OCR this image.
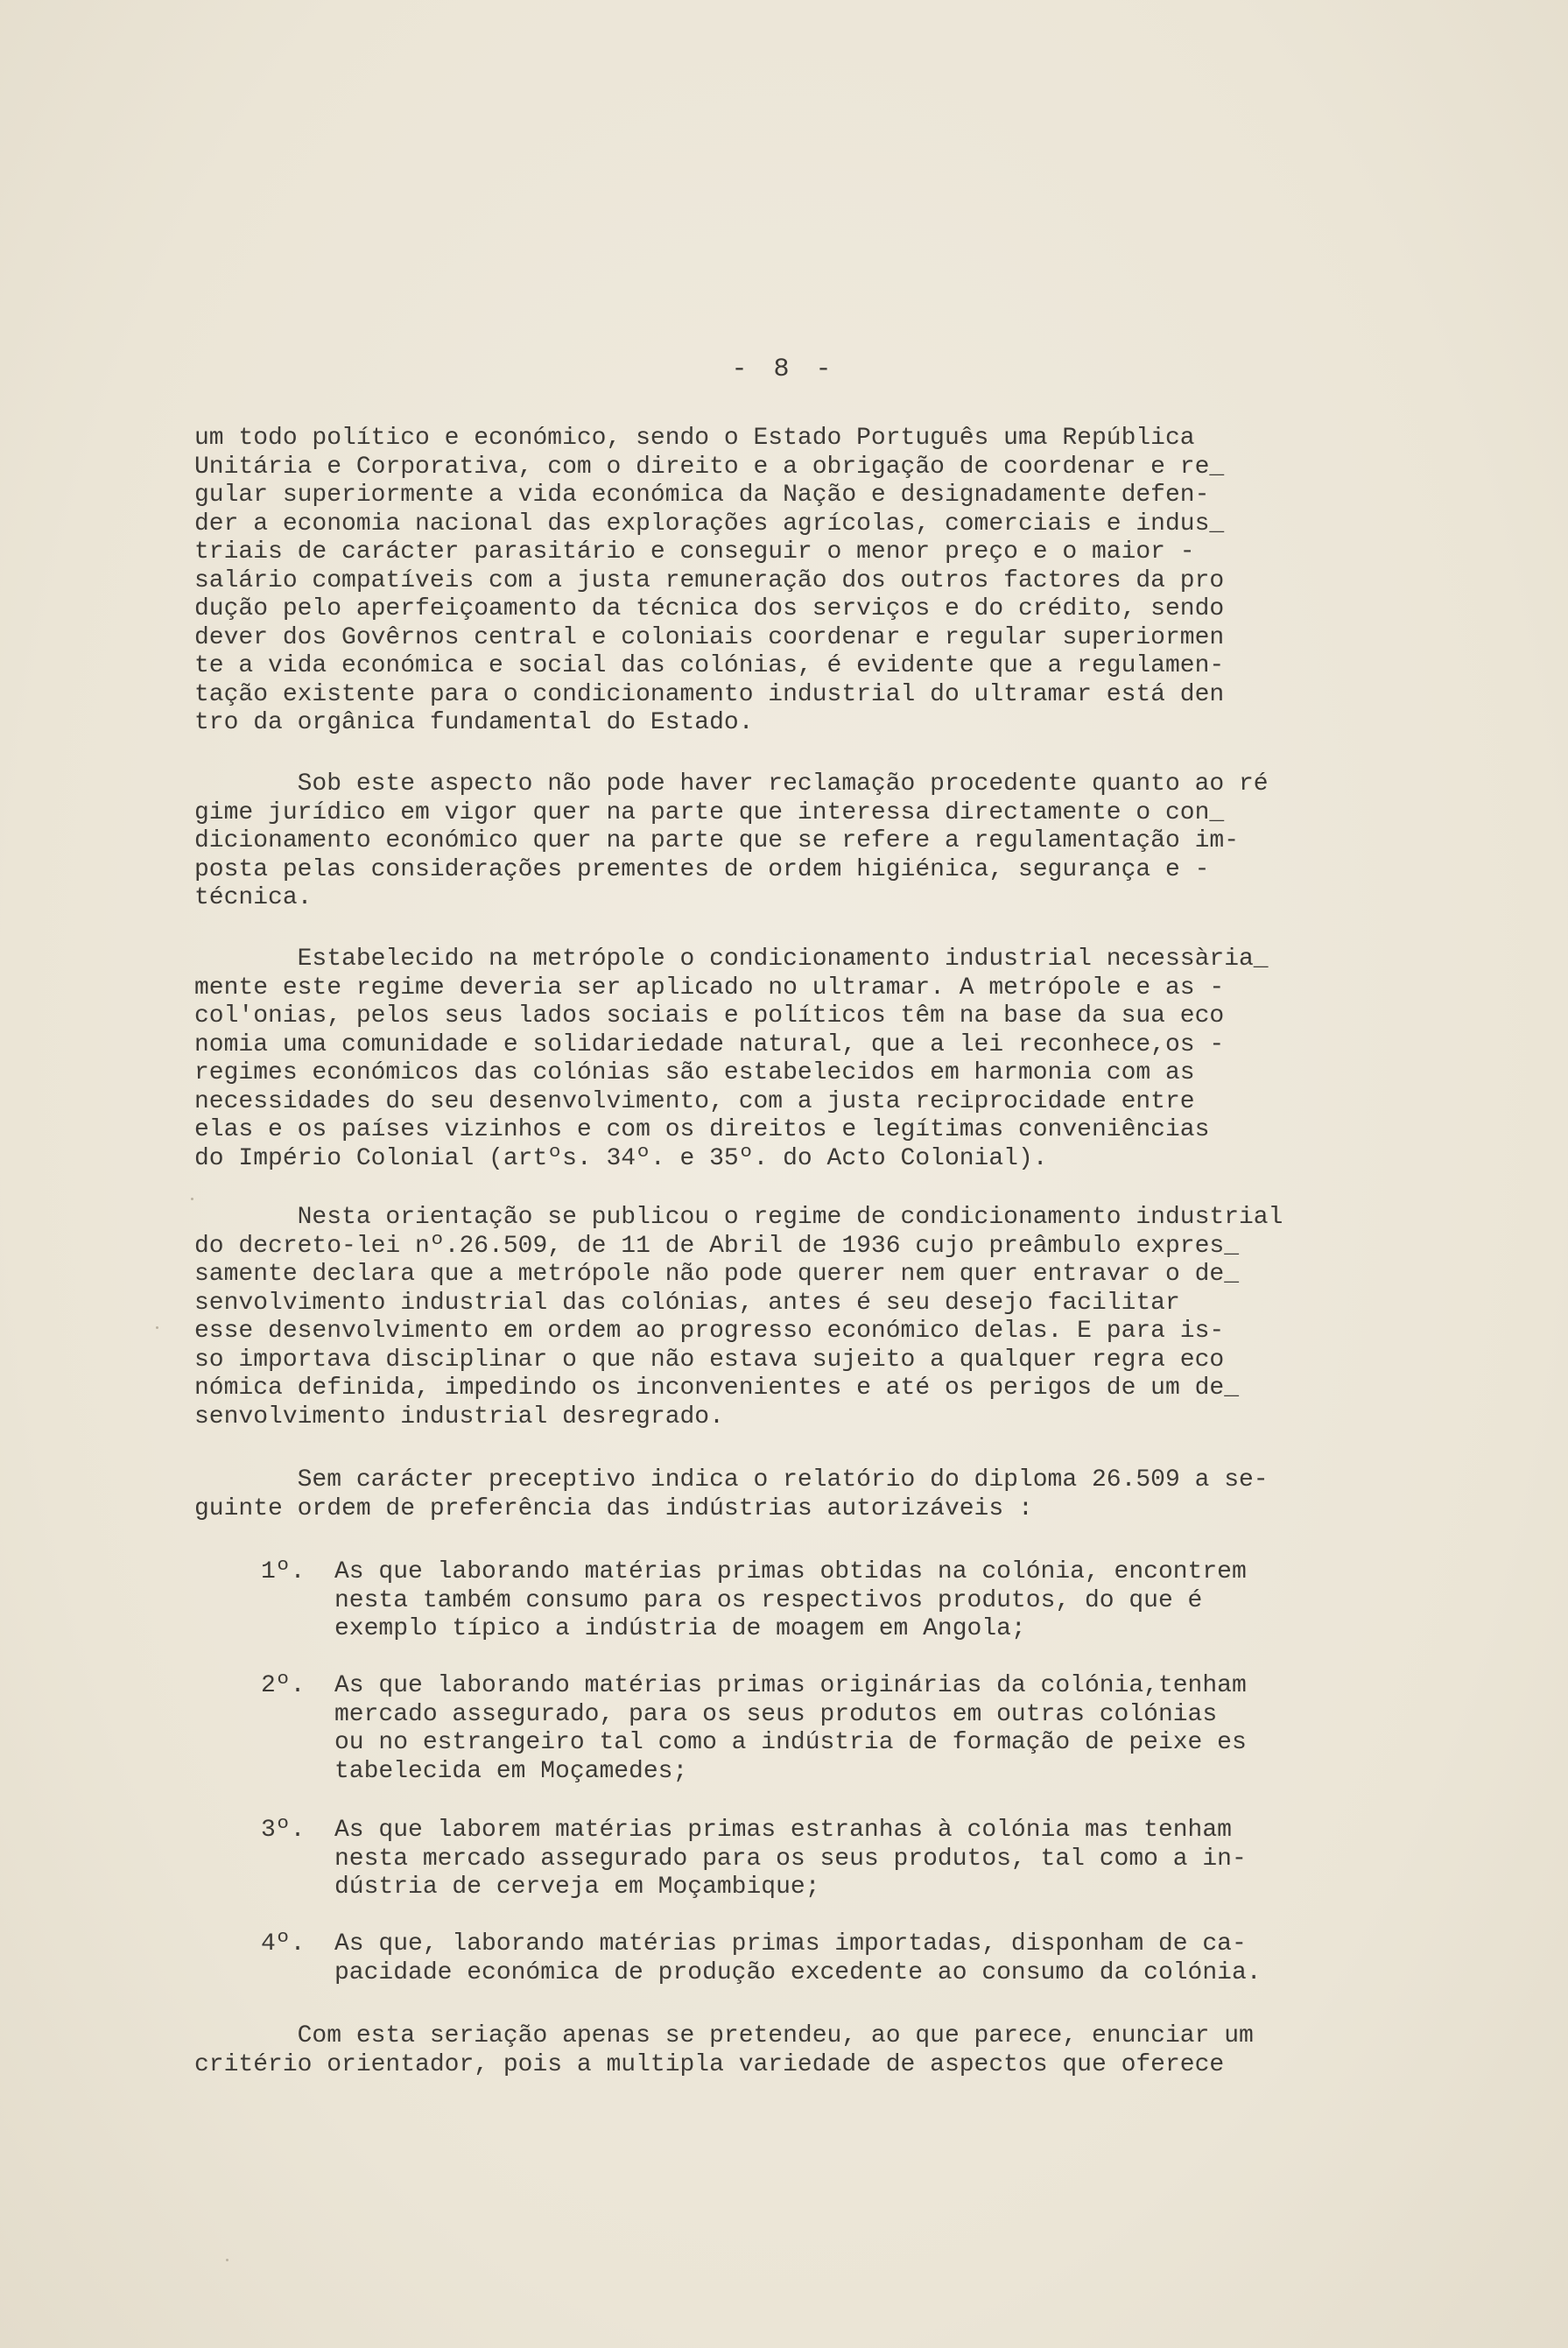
- 8 -

um todo político e económico, sendo o Estado Português uma República

Unitária e Corporativa, com o direito e a obrigação de coordenar e re_

gular superiormente a vida económica da Nação e designadamente defen-

der a economia nacional das explorações agrícolas, comerciais e indus_

triais de carácter parasitário e conseguir o menor preço e o maior -

salário compatíveis com a justa remuneração dos outros factores da pro

dução pelo aperfeiçoamento da técnica dos serviços e do crédito, sendo

dever dos Govêrnos central e coloniais coordenar e regular superiormen

te a vida económica e social das colónias, é evidente que a regulamen-

tação existente para o condicionamento industrial do ultramar está den

tro da orgânica fundamental do Estado.

Sob este aspecto não pode haver reclamação procedente quanto ao ré

gime jurídico em vigor quer na parte que interessa directamente o con_

dicionamento económico quer na parte que se refere a regulamentação im-

posta pelas considerações prementes de ordem higiénica, segurança e -

técnica.

Estabelecido na metrópole o condicionamento industrial necessària_

mente este regime deveria ser aplicado no ultramar. A metrópole e as -

col'onias, pelos seus lados sociais e políticos têm na base da sua eco

nomia uma comunidade e solidariedade natural, que a lei reconhece,os -

regimes económicos das colónias são estabelecidos em harmonia com as

necessidades do seu desenvolvimento, com a justa reciprocidade entre

elas e os países vizinhos e com os direitos e legítimas conveniências

do Império Colonial (artºs. 34º. e 35º. do Acto Colonial).

Nesta orientação se publicou o regime de condicionamento industrial

do decreto-lei nº.26.509, de 11 de Abril de 1936 cujo preâmbulo expres_

samente declara que a metrópole não pode querer nem quer entravar o de_

senvolvimento industrial das colónias, antes é seu desejo facilitar

esse desenvolvimento em ordem ao progresso económico delas. E para is-

so importava disciplinar o que não estava sujeito a qualquer regra eco

nómica definida, impedindo os inconvenientes e até os perigos de um de_

senvolvimento industrial desregrado.

Sem carácter preceptivo indica o relatório do diploma 26.509 a se-

guinte ordem de preferência das indústrias autorizáveis :

1º. As que laborando matérias primas obtidas na colónia, encontrem

nesta também consumo para os respectivos produtos, do que é

exemplo típico a indústria de moagem em Angola;

2º. As que laborando matérias primas originárias da colónia,tenham

mercado assegurado, para os seus produtos em outras colónias

ou no estrangeiro tal como a indústria de formação de peixe es

tabelecida em Moçamedes;

3º. As que laborem matérias primas estranhas à colónia mas tenham

nesta mercado assegurado para os seus produtos, tal como a in-

dústria de cerveja em Moçambique;

4º. As que, laborando matérias primas importadas, disponham de ca-

pacidade económica de produção excedente ao consumo da colónia.

Com esta seriação apenas se pretendeu, ao que parece, enunciar um

critério orientador, pois a multipla variedade de aspectos que oferece
